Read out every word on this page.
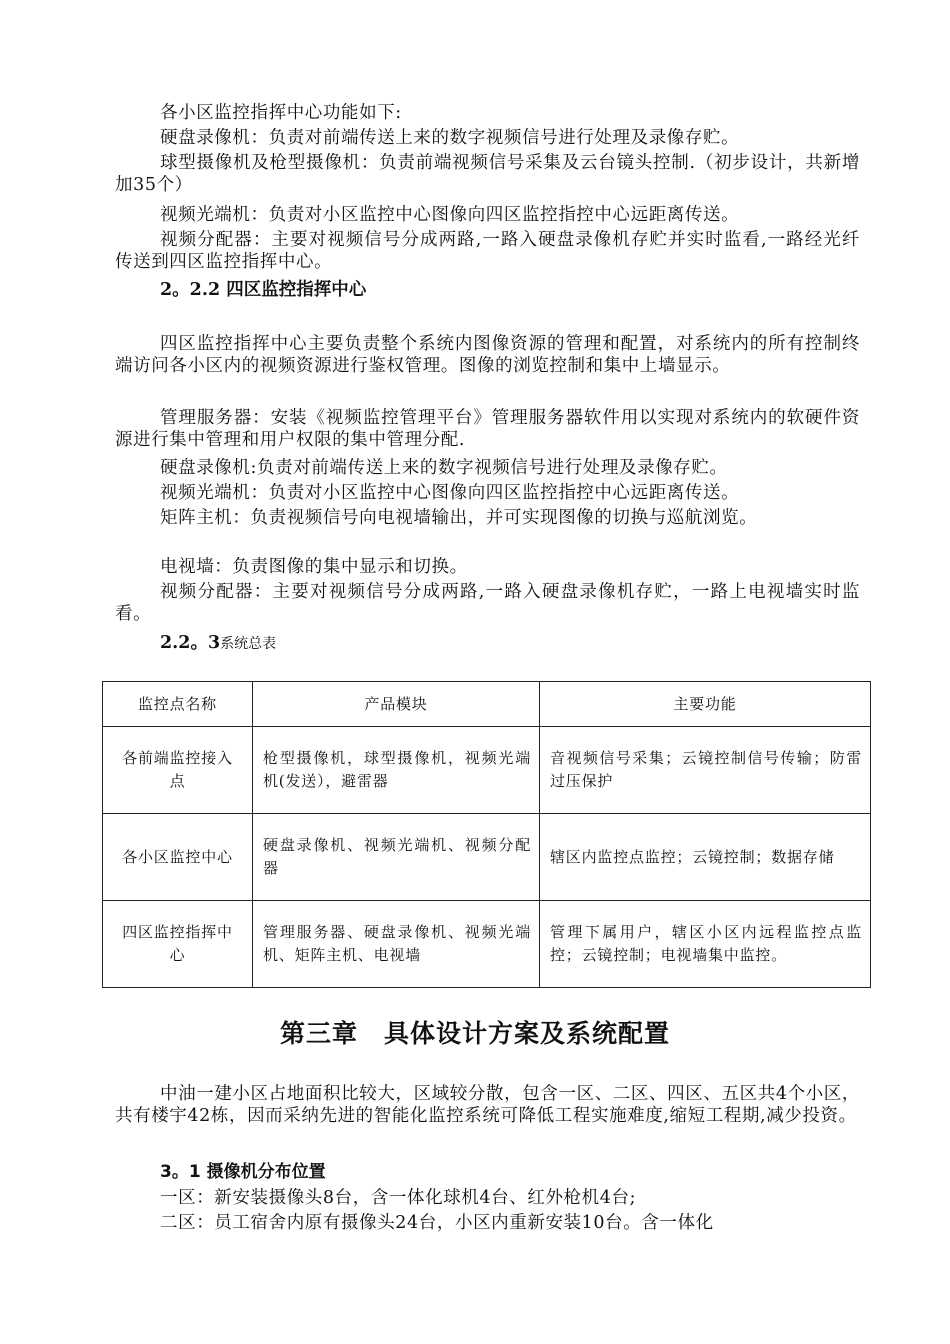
各小区监控指挥中心功能如下:

硬盘录像机：负责对前端传送上来的数字视频信号进行处理及录像存贮。

球型摄像机及枪型摄像机：负责前端视频信号采集及云台镜头控制.（初步设计，共新增加35个）

视频光端机：负责对小区监控中心图像向四区监控指控中心远距离传送。

视频分配器：主要对视频信号分成两路,一路入硬盘录像机存贮并实时监看,一路经光纤传送到四区监控指挥中心。

2。2.2 四区监控指挥中心

四区监控指挥中心主要负责整个系统内图像资源的管理和配置，对系统内的所有控制终端访问各小区内的视频资源进行鉴权管理。图像的浏览控制和集中上墙显示。

管理服务器：安装《视频监控管理平台》管理服务器软件用以实现对系统内的软硬件资源进行集中管理和用户权限的集中管理分配.

硬盘录像机:负责对前端传送上来的数字视频信号进行处理及录像存贮。

视频光端机：负责对小区监控中心图像向四区监控指控中心远距离传送。

矩阵主机：负责视频信号向电视墙输出，并可实现图像的切换与巡航浏览。

电视墙：负责图像的集中显示和切换。

视频分配器：主要对视频信号分成两路,一路入硬盘录像机存贮，一路上电视墙实时监看。

2.2。3系统总表
监控点名称	产品模块	主要功能
各前端监控接入点	枪型摄像机，球型摄像机，视频光端机(发送），避雷器	音视频信号采集；云镜控制信号传输；防雷过压保护
各小区监控中心	硬盘录像机、视频光端机、视频分配器	辖区内监控点监控；云镜控制；数据存储
四区监控指挥中心	管理服务器、硬盘录像机、视频光端机、矩阵主机、电视墙	管理下属用户，辖区小区内远程监控点监控；云镜控制；电视墙集中监控。
第三章　具体设计方案及系统配置

中油一建小区占地面积比较大，区域较分散，包含一区、二区、四区、五区共4个小区，共有楼宇42栋，因而采纳先进的智能化监控系统可降低工程实施难度,缩短工程期,减少投资。

3。1 摄像机分布位置

一区：新安装摄像头8台，含一体化球机4台、红外枪机4台;

二区：员工宿舍内原有摄像头24台，小区内重新安装10台。含一体化
